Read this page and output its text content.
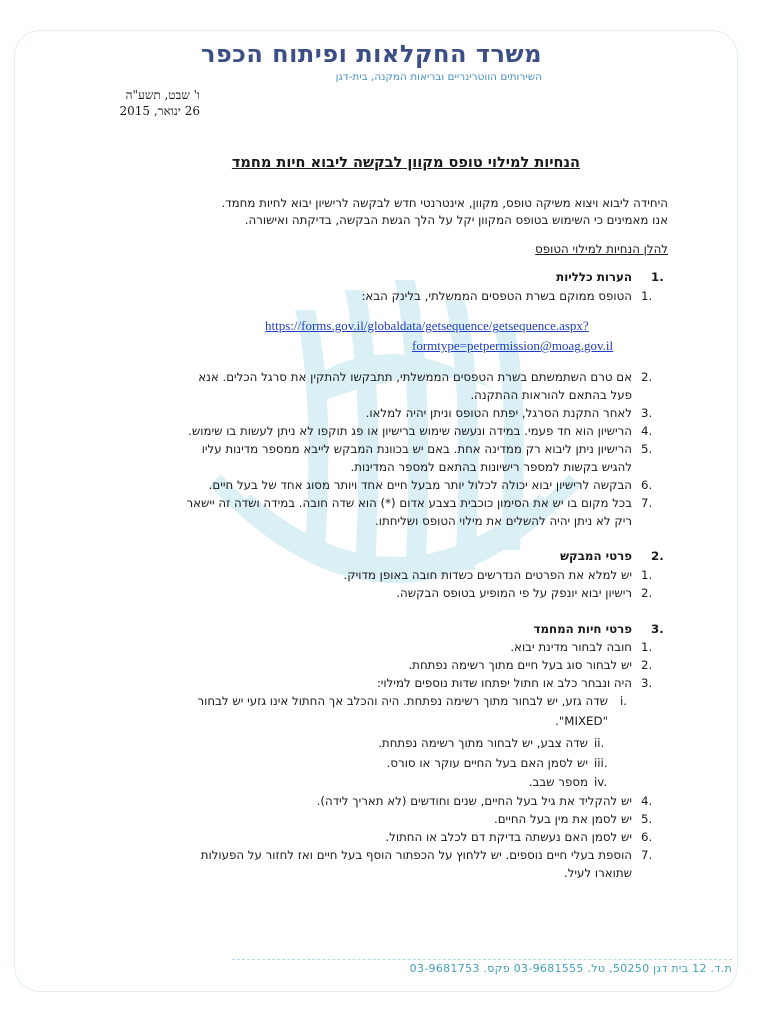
משרד החקלאות ופיתוח הכפר
השירותים הווטרינריים ובריאות המקנה, בית-דגן
ו' שבט, תשע"ה
26 ינואר, 2015
הנחיות למילוי טופס מקוון לבקשה ליבוא חיות מחמד
היחידה ליבוא ויצוא משיקה טופס, מקוון, אינטרנטי חדש לבקשה לרישיון יבוא לחיות מחמד.
אנו מאמינים כי השימוש בטופס המקוון יקל על הלך הגשת הבקשה, בדיקתה ואישורה.
להלן הנחיות למילוי הטופס
1.
הערות כלליות
1.
הטופס ממוקם בשרת הטפסים הממשלתי, בלינק הבא:
https://forms.gov.il/globaldata/getsequence/getsequence.aspx?
formtype=petpermission@moag.gov.il
2.
אם טרם השתמשתם בשרת הטפסים הממשלתי, תתבקשו להתקין את סרגל הכלים. אנא
פעל בהתאם להוראות ההתקנה.
3.
לאחר התקנת הסרגל, יפתח הטופס וניתן יהיה למלאו.
4.
הרישיון הוא חד פעמי. במידה ונעשה שימוש ברישיון או פג תוקפו לא ניתן לעשות בו שימוש.
5.
הרישיון ניתן ליבוא רק ממדינה אחת. באם יש בכוונת המבקש לייבא ממספר מדינות עליו
להגיש בקשות למספר רישיונות בהתאם למספר המדינות.
6.
הבקשה לרישיון יבוא יכולה לכלול יותר מבעל חיים אחד ויותר מסוג אחד של בעל חיים.
7.
בכל מקום בו יש את הסימון כוכבית בצבע אדום (*) הוא שדה חובה. במידה ושדה זה יישאר
ריק לא ניתן יהיה להשלים את מילוי הטופס ושליחתו.
2.
פרטי המבקש
1.
יש למלא את הפרטים הנדרשים כשדות חובה באופן מדויק.
2.
רישיון יבוא יונפק על פי המופיע בטופס הבקשה.
3.
פרטי חיות המחמד
1.
חובה לבחור מדינת יבוא.
2.
יש לבחור סוג בעל חיים מתוך רשימה נפתחת.
3.
היה ונבחר כלב או חתול יפתחו שדות נוספים למילוי:
i.
שדה גזע, יש לבחור מתוך רשימה נפתחת. היה והכלב אך החתול אינו גזעי יש לבחור
"MIXED".
ii.
שדה צבע, יש לבחור מתוך רשימה נפתחת.
iii.
יש לסמן האם בעל החיים עוקר או סורס.
iv.
מספר שבב.
4.
יש להקליד את גיל בעל החיים, שנים וחודשים (לא תאריך לידה).
5.
יש לסמן את מין בעל החיים.
6.
יש לסמן האם נעשתה בדיקת דם לכלב או החתול.
7.
הוספת בעלי חיים נוספים. יש ללחוץ על הכפתור הוסף בעל חיים ואז לחזור על הפעולות
שתוארו לעיל.
ת.ד. 12 בית דגן 50250, טל. 03-9681555 פקס. 03-9681753
